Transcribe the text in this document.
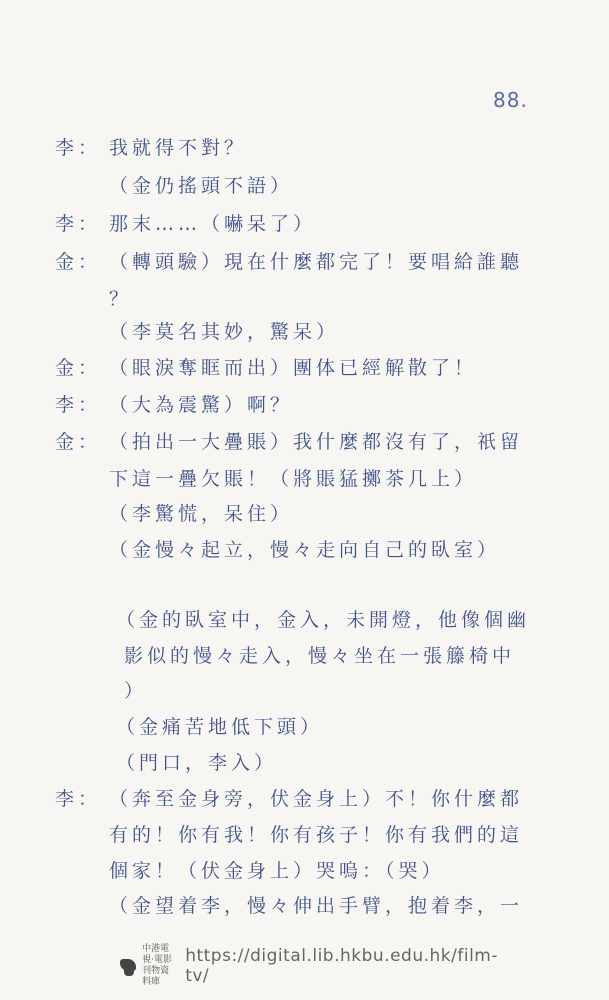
88.
李： 我就得不對？
（金仍搖頭不語）
李： 那末……（嚇呆了）
金： （轉頭驗）現在什麼都完了！要唱給誰聽
？
（李莫名其妙，驚呆）
金： （眼淚奪眶而出）團体已經解散了！
李： （大為震驚）啊？
金： （拍出一大疊賬）我什麼都沒有了，祇留
下這一疊欠賬！（將賬猛擲茶几上）
（李驚慌，呆住）
（金慢々起立，慢々走向自己的臥室）
（金的臥室中，金入，未開燈，他像個幽
影似的慢々走入，慢々坐在一張籐椅中
）
（金痛苦地低下頭）
（門口，李入）
李： （奔至金身旁，伏金身上）不！你什麼都
有的！你有我！你有孩子！你有我們的這
個家！（伏金身上）哭嗚：（哭）
（金望着李，慢々伸出手臂，抱着李，一
中港電視‧電影 刊物資料庫
https://digital.lib.hkbu.edu.hk/film-tv/
